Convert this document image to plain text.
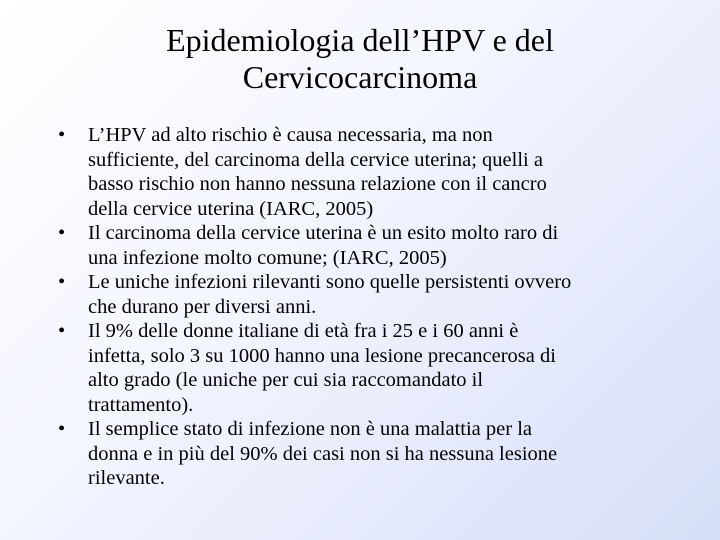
Epidemiologia dell’HPV e del
Cervicocarcinoma
• L’HPV ad alto rischio è causa necessaria, ma non
sufficiente, del carcinoma della cervice uterina; quelli a
basso rischio non hanno nessuna relazione con il cancro
della cervice uterina (IARC, 2005)
• Il carcinoma della cervice uterina è un esito molto raro di
una infezione molto comune; (IARC, 2005)
• Le uniche infezioni rilevanti sono quelle persistenti ovvero
che durano per diversi anni.
• Il 9% delle donne italiane di età fra i 25 e i 60 anni è
infetta, solo 3 su 1000 hanno una lesione precancerosa di
alto grado (le uniche per cui sia raccomandato il
trattamento).
• Il semplice stato di infezione non è una malattia per la
donna e in più del 90% dei casi non si ha nessuna lesione
rilevante.
